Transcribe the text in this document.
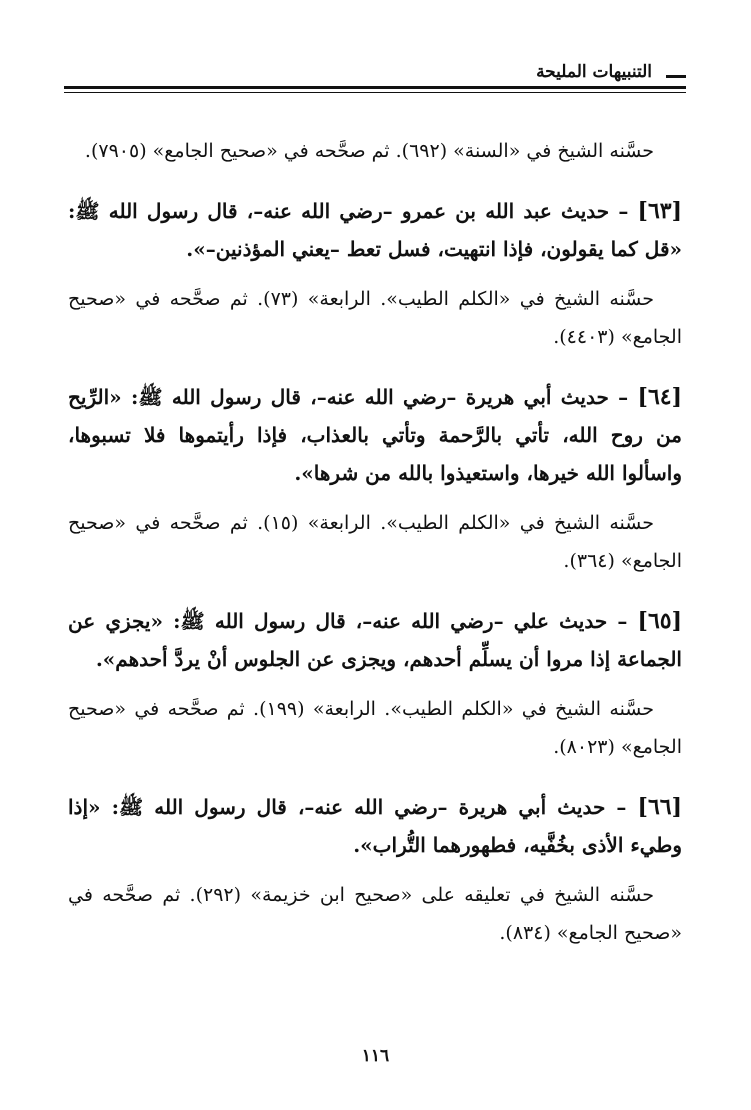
التنبيهات المليحة

حسَّنه الشيخ في «السنة» (٦٩٢). ثم صحَّحه في «صحيح الجامع» (٧٩٠٥).

[٦٣] – حديث عبد الله بن عمرو –رضي الله عنه–، قال رسول الله ﷺ: «قل كما يقولون، فإذا انتهيت، فسل تعط –يعني المؤذنين–».

حسَّنه الشيخ في «الكلم الطيب». الرابعة» (٧٣). ثم صحَّحه في «صحيح الجامع» (٤٤٠٣).

[٦٤] – حديث أبي هريرة –رضي الله عنه–، قال رسول الله ﷺ: «الرِّيح من روح الله، تأتي بالرَّحمة وتأتي بالعذاب، فإذا رأيتموها فلا تسبوها، واسألوا الله خيرها، واستعيذوا بالله من شرها».

حسَّنه الشيخ في «الكلم الطيب». الرابعة» (١٥). ثم صحَّحه في «صحيح الجامع» (٣٦٤).

[٦٥] – حديث علي –رضي الله عنه–، قال رسول الله ﷺ: «يجزي عن الجماعة إذا مروا أن يسلِّم أحدهم، ويجزى عن الجلوس أنْ يردَّ أحدهم».

حسَّنه الشيخ في «الكلم الطيب». الرابعة» (١٩٩). ثم صحَّحه في «صحيح الجامع» (٨٠٢٣).

[٦٦] – حديث أبي هريرة –رضي الله عنه–، قال رسول الله ﷺ: «إذا وطيء الأذى بخُفَّيه، فطهورهما التُّراب».

حسَّنه الشيخ في تعليقه على «صحيح ابن خزيمة» (٢٩٢). ثم صحَّحه في «صحيح الجامع» (٨٣٤).

١١٦
